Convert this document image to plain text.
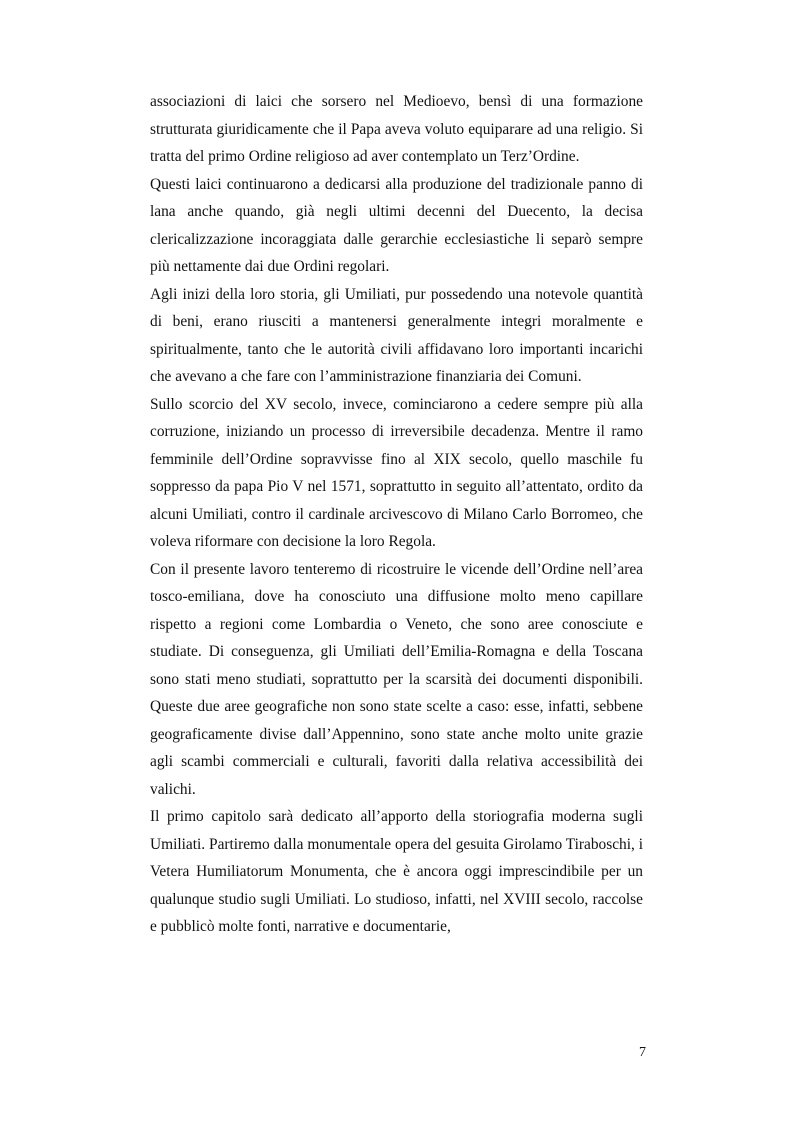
associazioni di laici che sorsero nel Medioevo, bensì di una formazione strutturata giuridicamente che il Papa aveva voluto equiparare ad una religio. Si tratta del primo Ordine religioso ad aver contemplato un Terz’Ordine.

Questi laici continuarono a dedicarsi alla produzione del tradizionale panno di lana anche quando, già negli ultimi decenni del Duecento, la decisa clericalizzazione incoraggiata dalle gerarchie ecclesiastiche li separò sempre più nettamente dai due Ordini regolari.

Agli inizi della loro storia, gli Umiliati, pur possedendo una notevole quantità di beni, erano riusciti a mantenersi generalmente integri moralmente e spiritualmente, tanto che le autorità civili affidavano loro importanti incarichi che avevano a che fare con l’amministrazione finanziaria dei Comuni.

Sullo scorcio del XV secolo, invece, cominciarono a cedere sempre più alla corruzione, iniziando un processo di irreversibile decadenza. Mentre il ramo femminile dell’Ordine sopravvisse fino al XIX secolo, quello maschile fu soppresso da papa Pio V nel 1571, soprattutto in seguito all’attentato, ordito da alcuni Umiliati, contro il cardinale arcivescovo di Milano Carlo Borromeo, che voleva riformare con decisione la loro Regola.

Con il presente lavoro tenteremo di ricostruire le vicende dell’Ordine nell’area tosco-emiliana, dove ha conosciuto una diffusione molto meno capillare rispetto a regioni come Lombardia o Veneto, che sono aree conosciute e studiate. Di conseguenza, gli Umiliati dell’Emilia-Romagna e della Toscana sono stati meno studiati, soprattutto per la scarsità dei documenti disponibili. Queste due aree geografiche non sono state scelte a caso: esse, infatti, sebbene geograficamente divise dall’Appennino, sono state anche molto unite grazie agli scambi commerciali e culturali, favoriti dalla relativa accessibilità dei valichi.

Il primo capitolo sarà dedicato all’apporto della storiografia moderna sugli Umiliati. Partiremo dalla monumentale opera del gesuita Girolamo Tiraboschi, i Vetera Humiliatorum Monumenta, che è ancora oggi imprescindibile per un qualunque studio sugli Umiliati. Lo studioso, infatti, nel XVIII secolo, raccolse e pubblicò molte fonti, narrative e documentarie,

7
